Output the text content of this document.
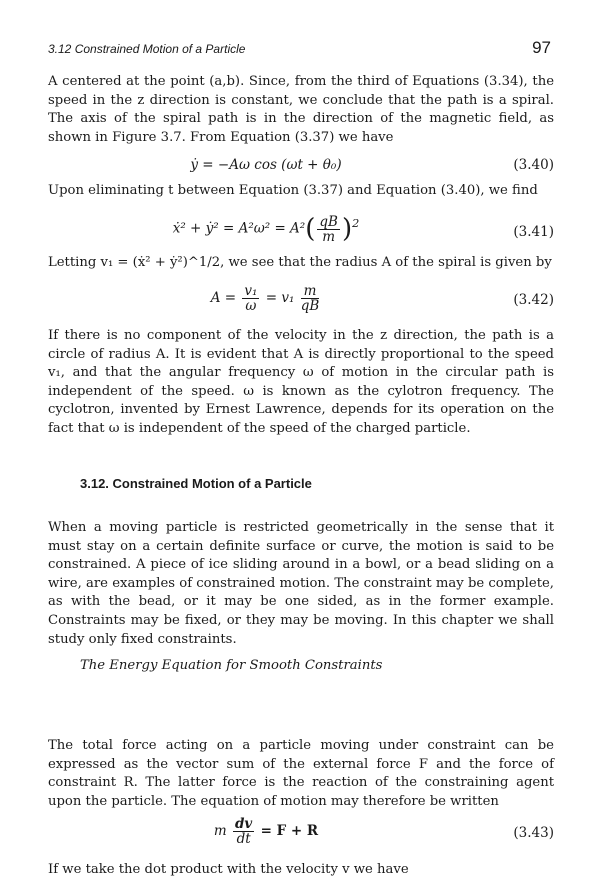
3.12 Constrained Motion of a Particle	97

A centered at the point (a,b). Since, from the third of Equations (3.34), the speed in the z direction is constant, we conclude that the path is a spiral. The axis of the spiral path is in the direction of the magnetic field, as shown in Figure 3.7. From Equation (3.37) we have

ẏ = −Aω cos (ωt + θ₀)	(3.40)

Upon eliminating t between Equation (3.37) and Equation (3.40), we find

ẋ² + ẏ² = $A^2\omega^2 = A^2( \frac{qB}{m} )^2$
(3.41)

Letting v₁ = (ẋ² + ẏ²)^1/2, we see that the radius A of the spiral is given by

$A = \frac{\text{v₁}}{\omega} = v_1 \frac{m}{qB}$	(3.42)

If there is no component of the velocity in the z direction, the path is a circle of radius A. It is evident that A is directly proportional to the speed v₁, and that the angular frequency ω of motion in the circular path is independent of the speed. ω is known as the cylotron frequency. The cyclotron, invented by Ernest Lawrence, depends for its operation on the fact that ω is independent of the speed of the charged particle.

3.12. Constrained Motion of a Particle

When a moving particle is restricted geometrically in the sense that it must stay on a certain definite surface or curve, the motion is said to be constrained. A piece of ice sliding around in a bowl, or a bead sliding on a wire, are examples of constrained motion. The constraint may be complete, as with the bead, or it may be one sided, as in the former example. Constraints may be fixed, or they may be moving. In this chapter we shall study only fixed constraints.

The Energy Equation for Smooth Constraints

The total force acting on a particle moving under constraint can be expressed as the vector sum of the external force F and the force of constraint R. The latter force is the reaction of the constraining agent upon the particle. The equation of motion may therefore be written

m $\frac{dv}{dt} = F + R$	(3.43)

If we take the dot product with the velocity v we have
